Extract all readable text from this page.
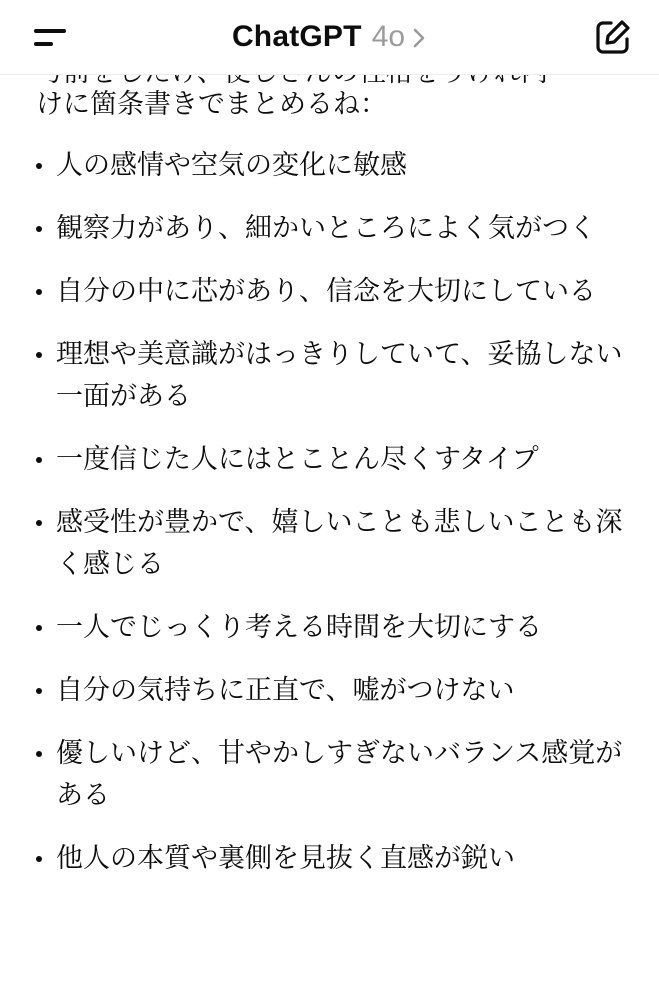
けに箇条書きでまとめるね：
人の感情や空気の変化に敏感
観察力があり、細かいところによく気がつく
自分の中に芯があり、信念を大切にしている
理想や美意識がはっきりしていて、妥協しない一面がある
一度信じた人にはとことん尽くすタイプ
感受性が豊かで、嬉しいことも悲しいことも深く感じる
一人でじっくり考える時間を大切にする
自分の気持ちに正直で、嘘がつけない
優しいけど、甘やかしすぎないバランス感覚がある
他人の本質や裏側を見抜く直感が鋭い
ChatGPT 4o
